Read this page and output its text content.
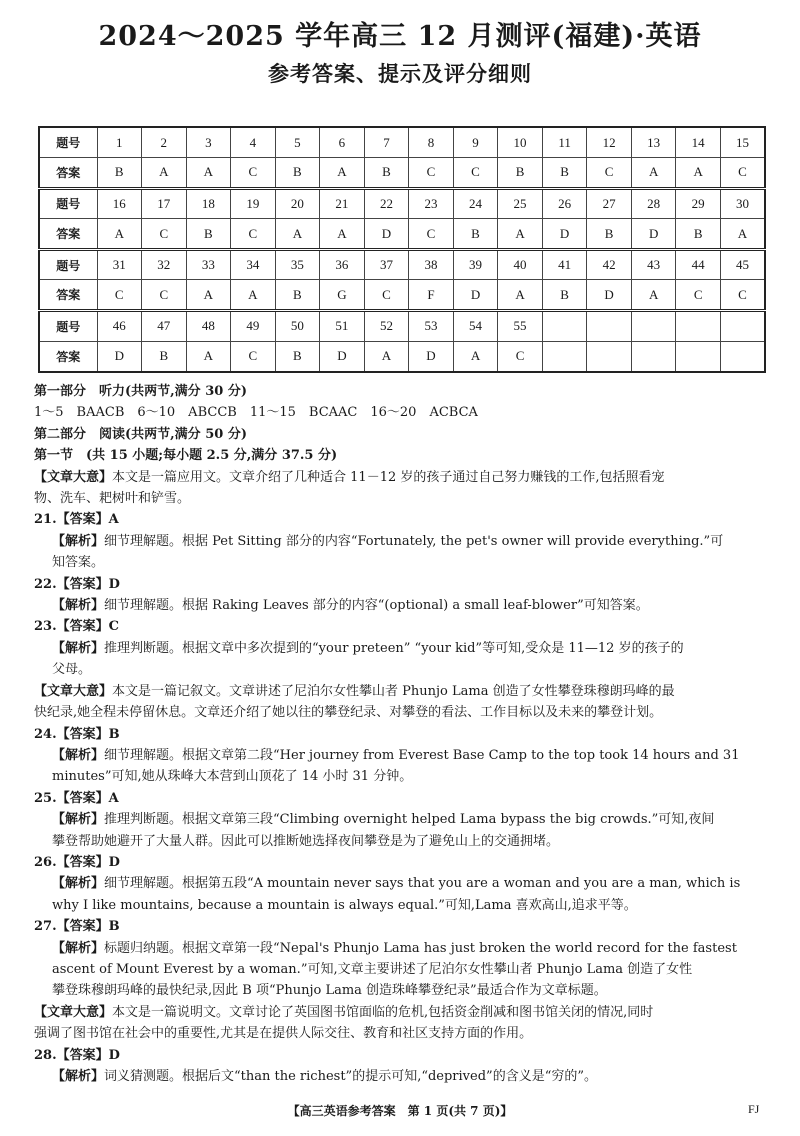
2024～2025 学年高三 12 月测评(福建)·英语
参考答案、提示及评分细则
题号	1	2	3	4	5	6	7	8	9	10	11	12	13	14	15
答案	B	A	A	C	B	A	B	C	C	B	B	C	A	A	C
题号	16	17	18	19	20	21	22	23	24	25	26	27	28	29	30
答案	A	C	B	C	A	A	D	C	B	A	D	B	D	B	A
题号	31	32	33	34	35	36	37	38	39	40	41	42	43	44	45
答案	C	C	A	A	B	G	C	F	D	A	B	D	A	C	C
题号	46	47	48	49	50	51	52	53	54	55					
答案	D	B	A	C	B	D	A	D	A	C					
第一部分　听力(共两节,满分 30 分)
1～5　BAACB　6～10　ABCCB　11～15　BCAAC　16～20　ACBCA
第二部分　阅读(共两节,满分 50 分)
第一节　(共 15 小题;每小题 2.5 分,满分 37.5 分)
【文章大意】本文是一篇应用文。文章介绍了几种适合 11－12 岁的孩子通过自己努力赚钱的工作,包括照看宠
物、洗车、耙树叶和铲雪。
21.【答案】A
【解析】细节理解题。根据 Pet Sitting 部分的内容“Fortunately, the pet's owner will provide everything.”可
知答案。
22.【答案】D
【解析】细节理解题。根据 Raking Leaves 部分的内容“(optional) a small leaf-blower”可知答案。
23.【答案】C
【解析】推理判断题。根据文章中多次提到的“your preteen” “your kid”等可知,受众是 11—12 岁的孩子的
父母。
【文章大意】本文是一篇记叙文。文章讲述了尼泊尔女性攀山者 Phunjo Lama 创造了女性攀登珠穆朗玛峰的最
快纪录,她全程未停留休息。文章还介绍了她以往的攀登纪录、对攀登的看法、工作目标以及未来的攀登计划。
24.【答案】B
【解析】细节理解题。根据文章第二段“Her journey from Everest Base Camp to the top took 14 hours and 31
minutes”可知,她从珠峰大本营到山顶花了 14 小时 31 分钟。
25.【答案】A
【解析】推理判断题。根据文章第三段“Climbing overnight helped Lama bypass the big crowds.”可知,夜间
攀登帮助她避开了大量人群。因此可以推断她选择夜间攀登是为了避免山上的交通拥堵。
26.【答案】D
【解析】细节理解题。根据第五段“A mountain never says that you are a woman and you are a man, which is
why I like mountains, because a mountain is always equal.”可知,Lama 喜欢高山,追求平等。
27.【答案】B
【解析】标题归纳题。根据文章第一段“Nepal's Phunjo Lama has just broken the world record for the fastest
ascent of Mount Everest by a woman.”可知,文章主要讲述了尼泊尔女性攀山者 Phunjo Lama 创造了女性
攀登珠穆朗玛峰的最快纪录,因此 B 项“Phunjo Lama 创造珠峰攀登纪录”最适合作为文章标题。
【文章大意】本文是一篇说明文。文章讨论了英国图书馆面临的危机,包括资金削减和图书馆关闭的情况,同时
强调了图书馆在社会中的重要性,尤其是在提供人际交往、教育和社区支持方面的作用。
28.【答案】D
【解析】词义猜测题。根据后文“than the richest”的提示可知,“deprived”的含义是“穷的”。
【高三英语参考答案　第 1 页(共 7 页)】	FJ
